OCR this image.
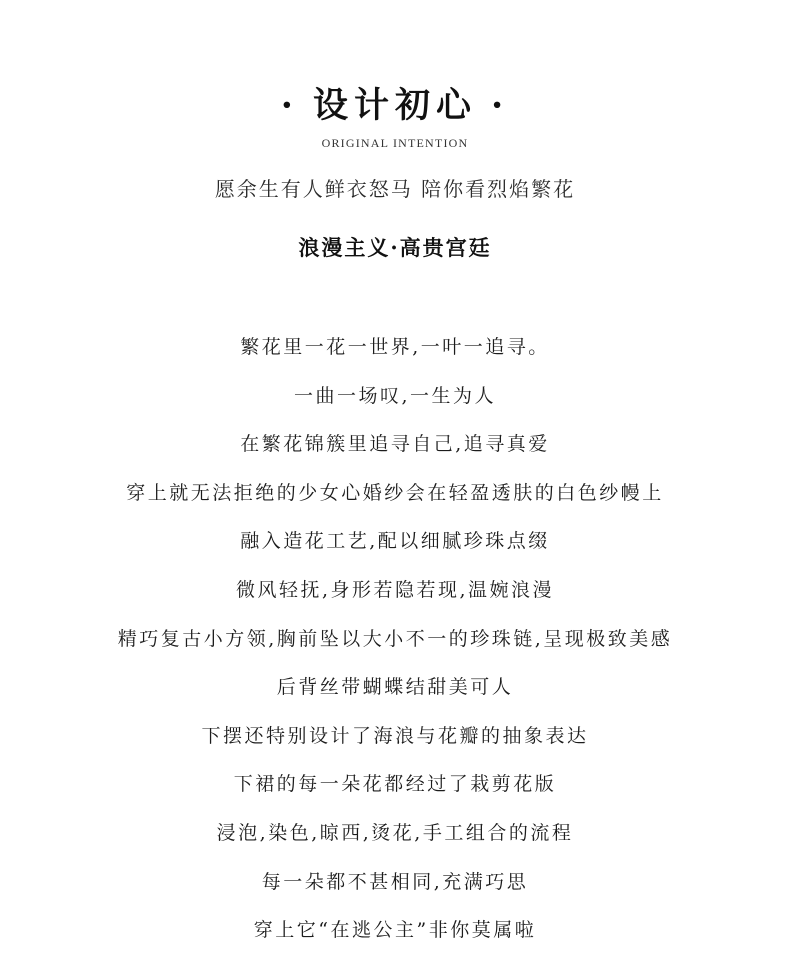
· 设计初心 ·
ORIGINAL INTENTION
愿余生有人鲜衣怒马 陪你看烈焰繁花
浪漫主义·高贵宫廷
繁花里一花一世界,一叶一追寻。
一曲一场叹,一生为人
在繁花锦簇里追寻自己,追寻真爱
穿上就无法拒绝的少女心婚纱会在轻盈透肤的白色纱幔上
融入造花工艺,配以细腻珍珠点缀
微风轻抚,身形若隐若现,温婉浪漫
精巧复古小方领,胸前坠以大小不一的珍珠链,呈现极致美感
后背丝带蝴蝶结甜美可人
下摆还特别设计了海浪与花瓣的抽象表达
下裙的每一朵花都经过了栽剪花版
浸泡,染色,晾西,烫花,手工组合的流程
每一朵都不甚相同,充满巧思
穿上它“在逃公主”非你莫属啦
